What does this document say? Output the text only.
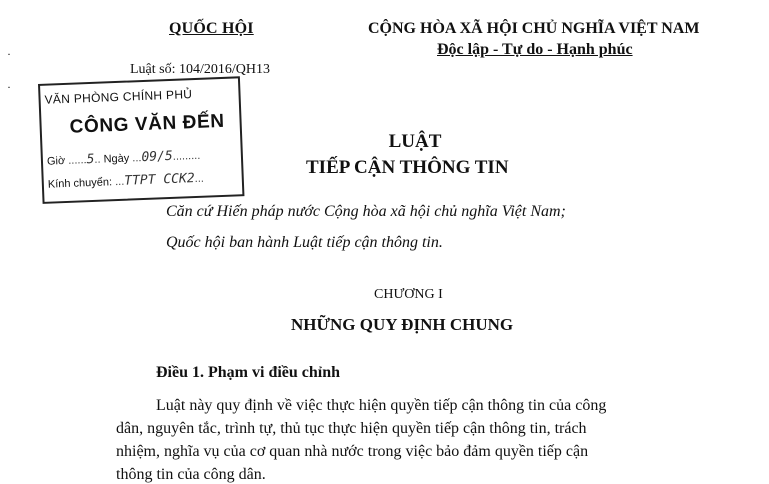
·
·
QUỐC HỘI	CỘNG HÒA XÃ HỘI CHỦ NGHĨA VIỆT NAM
Độc lập - Tự do - Hạnh phúc
Luật số: 104/2016/QH13
VĂN PHÒNG CHÍNH PHỦ
CÔNG VĂN ĐẾN
Giờ ......5.. Ngày ...09/5.........
Kính chuyển: ...TTPT CCK2...
LUẬT
TIẾP CẬN THÔNG TIN
Căn cứ Hiến pháp nước Cộng hòa xã hội chủ nghĩa Việt Nam;
Quốc hội ban hành Luật tiếp cận thông tin.
CHƯƠNG I
NHỮNG QUY ĐỊNH CHUNG
Điều 1. Phạm vi điều chỉnh
Luật này quy định về việc thực hiện quyền tiếp cận thông tin của công
dân, nguyên tắc, trình tự, thủ tục thực hiện quyền tiếp cận thông tin, trách
nhiệm, nghĩa vụ của cơ quan nhà nước trong việc bảo đảm quyền tiếp cận
thông tin của công dân.
